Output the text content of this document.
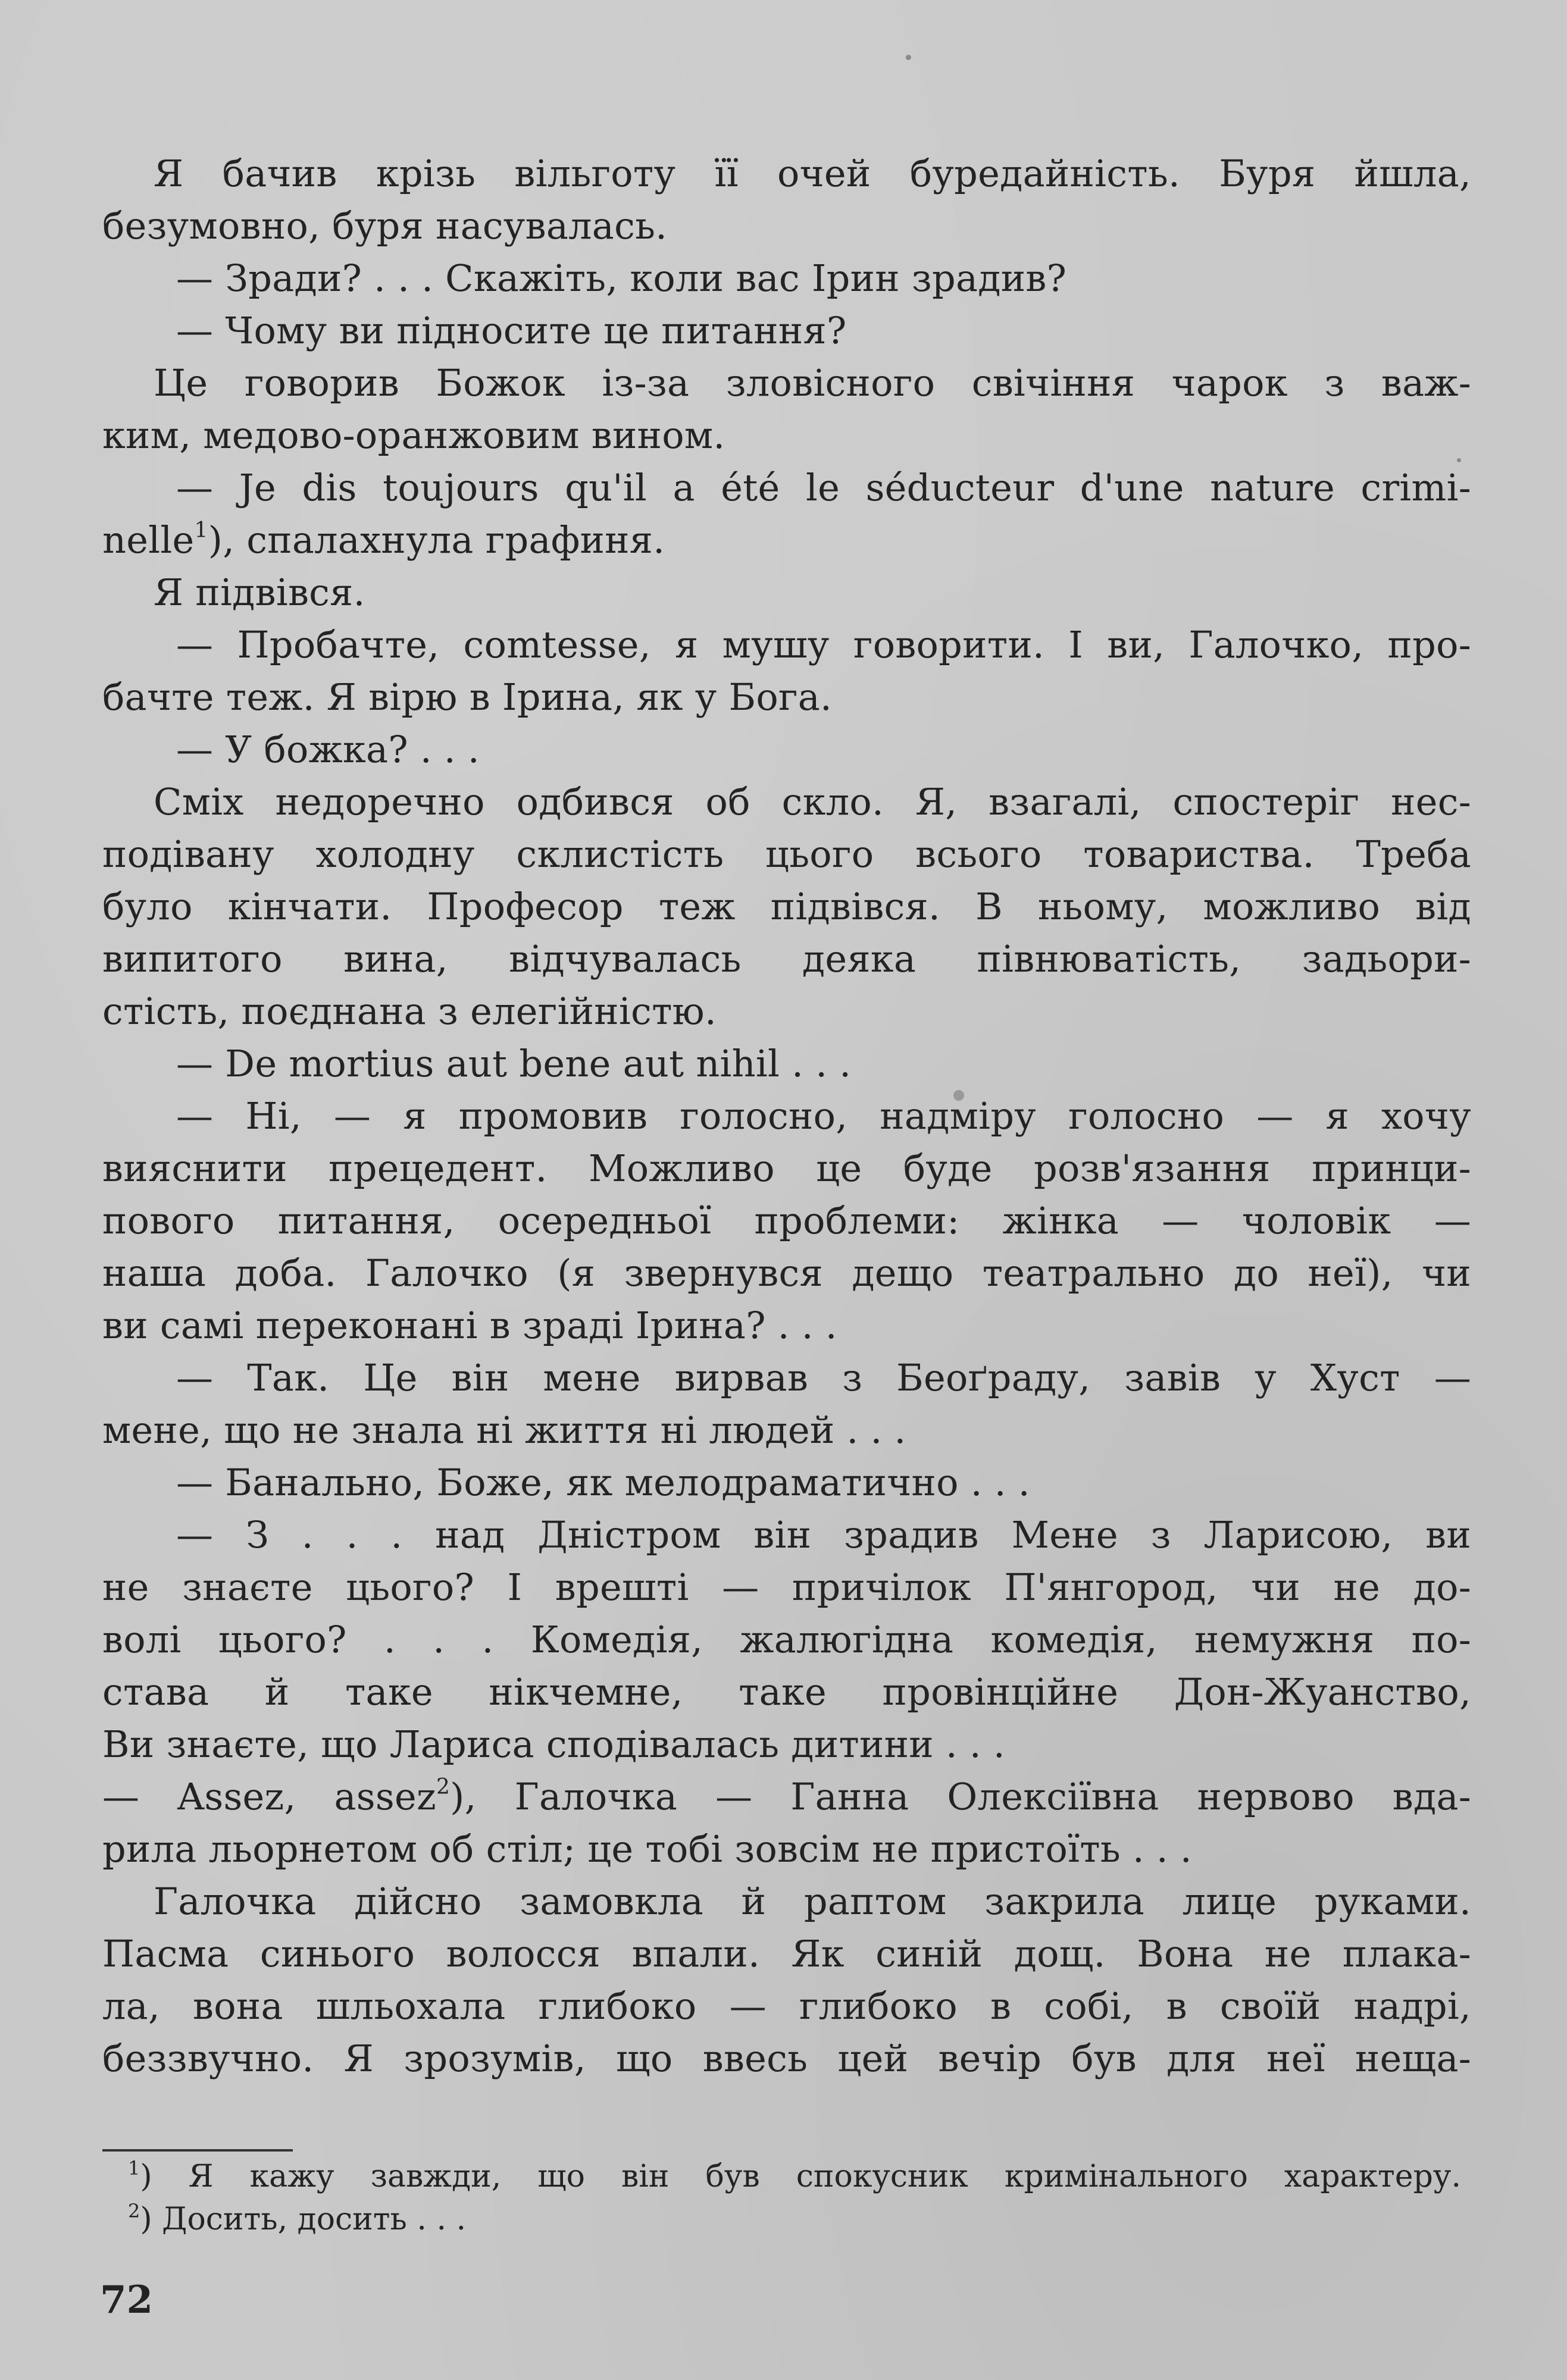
Я бачив крізь вільготу її очей буредайність. Буря йшла,
безумовно, буря насувалась.
— Зради? . . . Скажіть, коли вас Ірин зрадив?
— Чому ви підносите це питання?
Це говорив Божок із-за зловісного свічіння чарок з важ-
ким, медово-оранжовим вином.
— Je dis toujours qu'il a été le séducteur d'une nature crimi-
nelle$^1$), спалахнула графиня.
Я підвівся.
— Пробачте, comtesse, я мушу говорити. І ви, Галочко, про-
бачте теж. Я вірю в Ірина, як у Бога.
— У божка? . . .
Сміх недоречно одбився об скло. Я, взагалі, спостеріг нес-
подівану холодну склистість цього всього товариства. Треба
було кінчати. Професор теж підвівся. В ньому, можливо від
випитого вина, відчувалась деяка півнюватість, задьори-
стість, поєднана з елегійністю.
— De mortius aut bene aut nihil . . .
— Ні, — я промовив голосно, надміру голосно — я хочу
вияснити прецедент. Можливо це буде розв'язання принци-
пового питання, осередньої проблеми: жінка — чоловік —
наша доба. Галочко (я звернувся дещо театрально до неї), чи
ви самі переконані в зраді Ірина? . . .
— Так. Це він мене вирвав з Беоґраду, завів у Хуст —
мене, що не знала ні життя ні людей . . .
— Банально, Боже, як мелодраматично . . .
— З . . . над Дністром він зрадив Мене з Ларисою, ви
не знаєте цього? І врешті — причілок П'янгород, чи не до-
волі цього? . . . Комедія, жалюгідна комедія, немужня по-
става й таке нікчемне, таке провінційне Дон-Жуанство,
Ви знаєте, що Лариса сподівалась дитини . . .
— Assez, assez$^2$), Галочка — Ганна Олексіївна нервово вда-
рила льорнетом об стіл; це тобі зовсім не пристоїть . . .
Галочка дійсно замовкла й раптом закрила лице руками.
Пасма синього волосся впали. Як синій дощ. Вона не плака-
ла, вона шльохала глибоко — глибоко в собі, в своїй надрі,
беззвучно. Я зрозумів, що ввесь цей вечір був для неї неща-
$^1$) Я кажу завжди, що він був спокусник кримінального характеру.
$^2$) Досить, досить . . .
72
